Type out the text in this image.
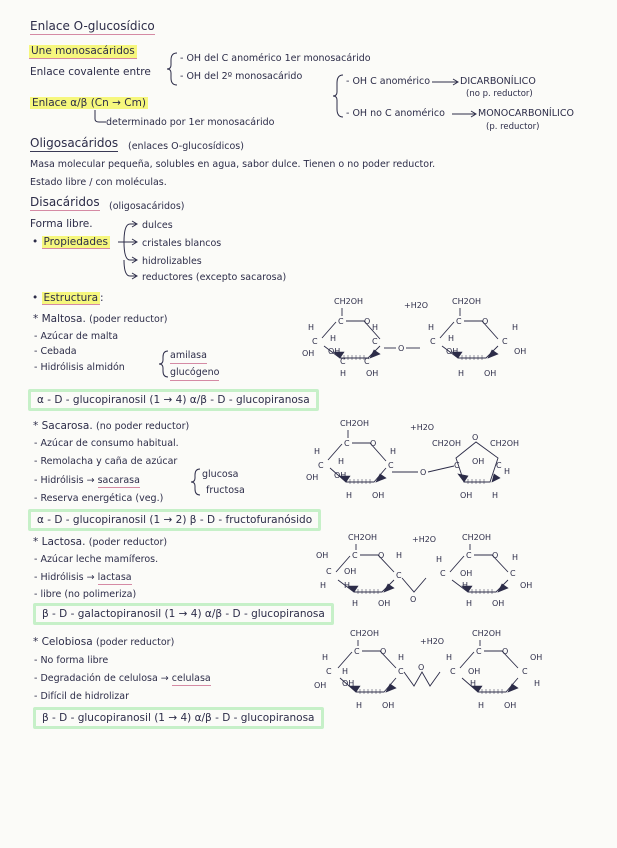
Enlace O-glucosídico
Une monosacáridos
Enlace covalente entre
- OH del C anomérico 1er monosacárido
- OH del 2º monosacárido	- OH C anomérico	DICARBONÍLICO
(no p. reductor)
- OH no C anomérico	MONOCARBONÍLICO
(p. reductor)
Enlace α/β (Cn → Cm)
determinado por 1er monosacárido
Oligosacáridos (enlaces O-glucosídicos)
Masa molecular pequeña, solubles en agua, sabor dulce. Tienen o no poder reductor.
Estado libre / con moléculas.
Disacáridos (oligosacáridos)
Forma libre.
• Propiedades
dulces
cristales blancos
hidrolizables
reductores (excepto sacarosa)
• Estructura :
* Maltosa. (poder reductor)
- Azúcar de malta
- Cebada
- Hidrólisis almidón
amilasa
glucógeno
α - D - glucopiranosil (1 → 4) α/β - D - glucopiranosa
CH2OH	+H2O	CH2OH
C	O
H
C
OH
H
OH
H
C
H OH
C C
O
C	O
H
C H
OH
H
C
OH
H OH
* Sacarosa. (no poder reductor)
- Azúcar de consumo habitual.
- Remolacha y caña de azúcar
- Hidrólisis → sacarasa
glucosa
fructosa
- Reserva energética (veg.)
α - D - glucopiranosil (1 → 2) β - D - fructofuranósido
CH2OH	+H2O
CH2OH
C	O
H
C
OH
H
OH
H
C
H OH
O
O
CH2OH
C	C
OH
H
OH H
* Lactosa. (poder reductor)
- Azúcar leche mamíferos.
- Hidrólisis → lactasa
- libre (no polimeriza)
β - D - galactopiranosil (1 → 4) α/β - D - glucopiranosa
CH2OH	+H2O	CH2OH
C	O
OH
C
H
OH
H
H
C
H OH O
C	O
H
C OH
H
H
C
OH
H OH
* Celobiosa (poder reductor)
- No forma libre
- Degradación de celulosa → celulasa
- Difícil de hidrolizar
β - D - glucopiranosil (1 → 4) α/β - D - glucopiranosa
CH2OH
+H2O
CH2OH
C	O
H
C
OH
H
OH
H
C
H OH
O
C	O
H
C OH
H
OH
C
H
H OH
